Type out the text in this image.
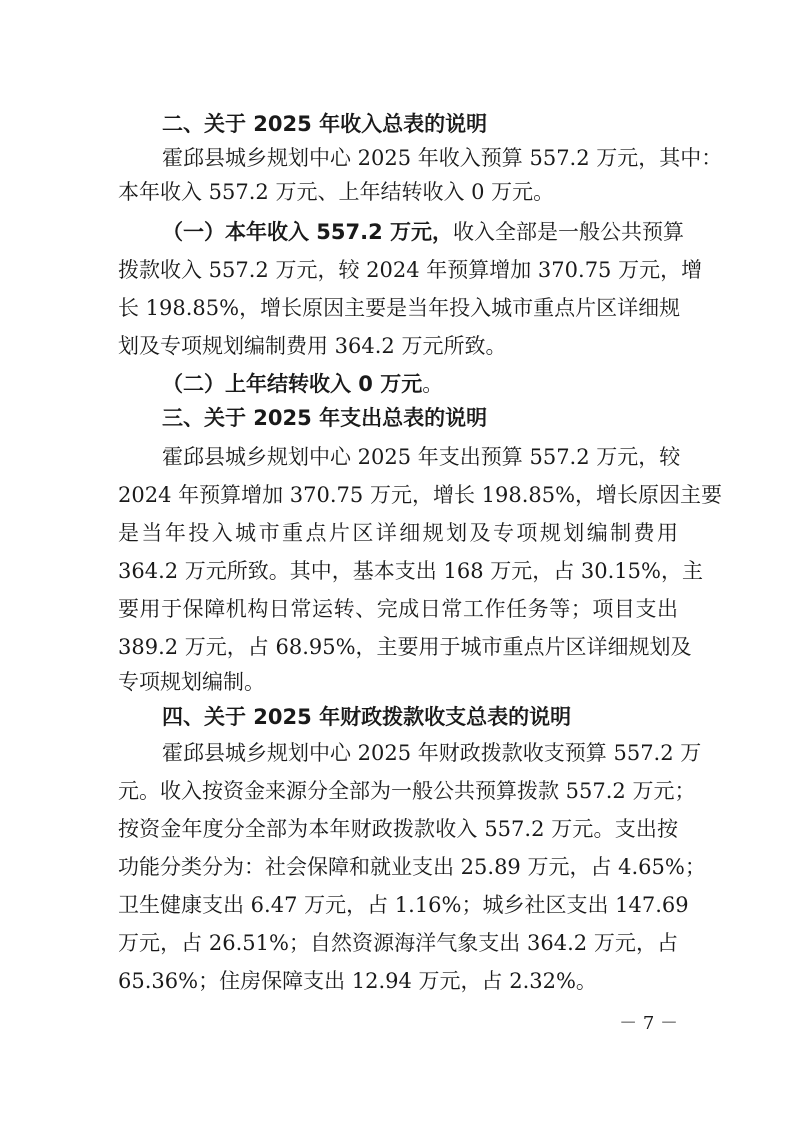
二、关于 2025 年收入总表的说明
霍邱县城乡规划中心 2025 年收入预算 557.2 万元，其中：
本年收入 557.2 万元、上年结转收入 0 万元。
（一）本年收入 557.2 万元，收入全部是一般公共预算
拨款收入 557.2 万元，较 2024 年预算增加 370.75 万元，增
长 198.85%，增长原因主要是当年投入城市重点片区详细规
划及专项规划编制费用 364.2 万元所致。
（二）上年结转收入 0 万元。
三、关于 2025 年支出总表的说明
霍邱县城乡规划中心 2025 年支出预算 557.2 万元，较
2024 年预算增加 370.75 万元，增长 198.85%，增长原因主要
是当年投入城市重点片区详细规划及专项规划编制费用
364.2 万元所致。其中，基本支出 168 万元，占 30.15%，主
要用于保障机构日常运转、完成日常工作任务等；项目支出
389.2 万元，占 68.95%，主要用于城市重点片区详细规划及
专项规划编制。
四、关于 2025 年财政拨款收支总表的说明
霍邱县城乡规划中心 2025 年财政拨款收支预算 557.2 万
元。收入按资金来源分全部为一般公共预算拨款 557.2 万元；
按资金年度分全部为本年财政拨款收入 557.2 万元。支出按
功能分类分为：社会保障和就业支出 25.89 万元，占 4.65%；
卫生健康支出 6.47 万元，占 1.16%；城乡社区支出 147.69
万元，占 26.51%；自然资源海洋气象支出 364.2 万元，占
65.36%；住房保障支出 12.94 万元，占 2.32%。
－ 7 －
